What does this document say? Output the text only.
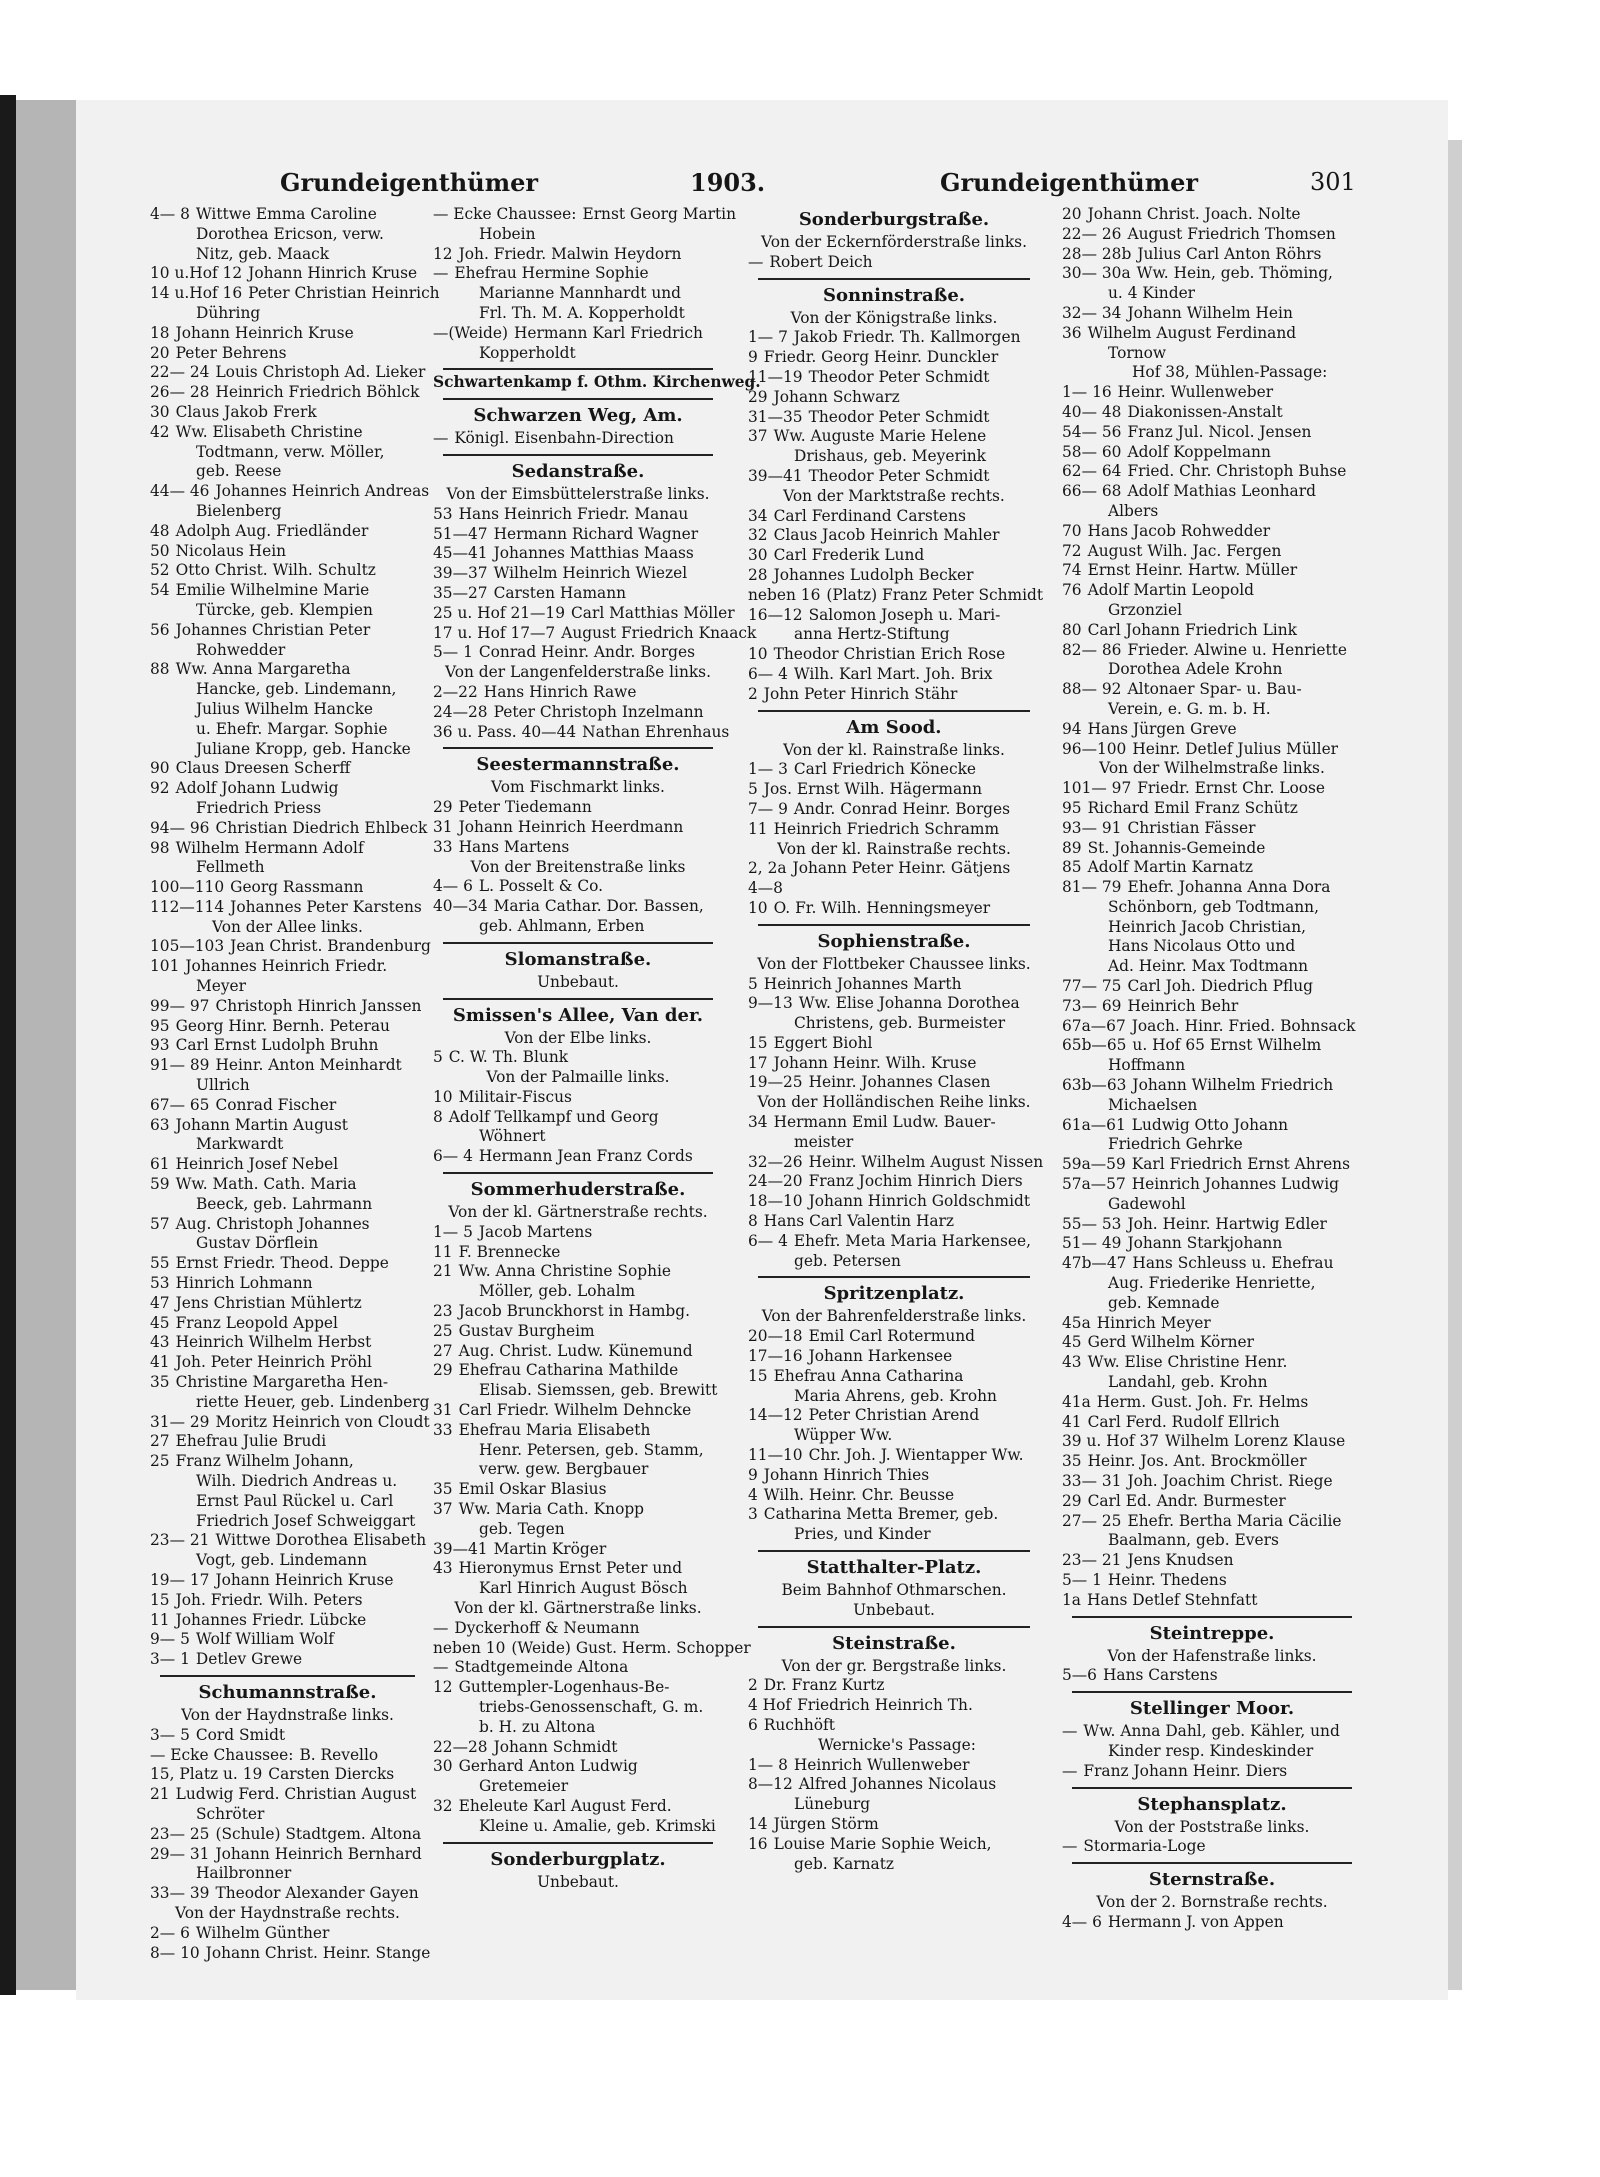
Grundeigenthümer	1903.	Grundeigenthümer	301
4— 8 Wittwe Emma Caroline
Dorothea Ericson, verw.
Nitz, geb. Maack
10 u.Hof 12 Johann Hinrich Kruse
14 u.Hof 16 Peter Christian Heinrich
Dühring
18 Johann Heinrich Kruse
20 Peter Behrens
22— 24 Louis Christoph Ad. Lieker
26— 28 Heinrich Friedrich Böhlck
30 Claus Jakob Frerk
42 Ww. Elisabeth Christine
Todtmann, verw. Möller,
geb. Reese
44— 46 Johannes Heinrich Andreas
Bielenberg
48 Adolph Aug. Friedländer
50 Nicolaus Hein
52 Otto Christ. Wilh. Schultz
54 Emilie Wilhelmine Marie
Türcke, geb. Klempien
56 Johannes Christian Peter
Rohwedder
88 Ww. Anna Margaretha
Hancke, geb. Lindemann,
Julius Wilhelm Hancke
u. Ehefr. Margar. Sophie
Juliane Kropp, geb. Hancke
90 Claus Dreesen Scherff
92 Adolf Johann Ludwig
Friedrich Priess
94— 96 Christian Diedrich Ehlbeck
98 Wilhelm Hermann Adolf
Fellmeth
100—110 Georg Rassmann
112—114 Johannes Peter Karstens
Von der Allee links.
105—103 Jean Christ. Brandenburg
101 Johannes Heinrich Friedr.
Meyer
99— 97 Christoph Hinrich Janssen
95 Georg Hinr. Bernh. Peterau
93 Carl Ernst Ludolph Bruhn
91— 89 Heinr. Anton Meinhardt
Ullrich
67— 65 Conrad Fischer
63 Johann Martin August
Markwardt
61 Heinrich Josef Nebel
59 Ww. Math. Cath. Maria
Beeck, geb. Lahrmann
57 Aug. Christoph Johannes
Gustav Dörflein
55 Ernst Friedr. Theod. Deppe
53 Hinrich Lohmann
47 Jens Christian Mühlertz
45 Franz Leopold Appel
43 Heinrich Wilhelm Herbst
41 Joh. Peter Heinrich Pröhl
35 Christine Margaretha Hen-
riette Heuer, geb. Lindenberg
31— 29 Moritz Heinrich von Cloudt
27 Ehefrau Julie Brudi
25 Franz Wilhelm Johann,
Wilh. Diedrich Andreas u.
Ernst Paul Rückel u. Carl
Friedrich Josef Schweiggart
23— 21 Wittwe Dorothea Elisabeth
Vogt, geb. Lindemann
19— 17 Johann Heinrich Kruse
15 Joh. Friedr. Wilh. Peters
11 Johannes Friedr. Lübcke
9— 5 Wolf William Wolf
3— 1 Detlev Grewe
Schumannstraße.
Von der Haydnstraße links.
3— 5 Cord Smidt
— Ecke Chaussee: B. Revello
15, Platz u. 19 Carsten Diercks
21 Ludwig Ferd. Christian August
Schröter
23— 25 (Schule) Stadtgem. Altona
29— 31 Johann Heinrich Bernhard
Hailbronner
33— 39 Theodor Alexander Gayen
Von der Haydnstraße rechts.
2— 6 Wilhelm Günther
8— 10 Johann Christ. Heinr. Stange
— Ecke Chaussee: Ernst Georg Martin
Hobein
12 Joh. Friedr. Malwin Heydorn
— Ehefrau Hermine Sophie
Marianne Mannhardt und
Frl. Th. M. A. Kopperholdt
—(Weide) Hermann Karl Friedrich
Kopperholdt
Schwartenkamp f. Othm. Kirchenweg.
Schwarzen Weg, Am.
— Königl. Eisenbahn-Direction
Sedanstraße.
Von der Eimsbüttelerstraße links.
53 Hans Heinrich Friedr. Manau
51—47 Hermann Richard Wagner
45—41 Johannes Matthias Maass
39—37 Wilhelm Heinrich Wiezel
35—27 Carsten Hamann
25 u. Hof 21—19 Carl Matthias Möller
17 u. Hof 17—7 August Friedrich Knaack
5— 1 Conrad Heinr. Andr. Borges
Von der Langenfelderstraße links.
2—22 Hans Hinrich Rawe
24—28 Peter Christoph Inzelmann
36 u. Pass. 40—44 Nathan Ehrenhaus
Seestermannstraße.
Vom Fischmarkt links.
29 Peter Tiedemann
31 Johann Heinrich Heerdmann
33 Hans Martens
Von der Breitenstraße links
4— 6 L. Posselt & Co.
40—34 Maria Cathar. Dor. Bassen,
geb. Ahlmann, Erben
Slomanstraße.
Unbebaut.
Smissen's Allee, Van der.
Von der Elbe links.
5 C. W. Th. Blunk
Von der Palmaille links.
10 Militair-Fiscus
8 Adolf Tellkampf und Georg
Wöhnert
6— 4 Hermann Jean Franz Cords
Sommerhuderstraße.
Von der kl. Gärtnerstraße rechts.
1— 5 Jacob Martens
11 F. Brennecke
21 Ww. Anna Christine Sophie
Möller, geb. Lohalm
23 Jacob Brunckhorst in Hambg.
25 Gustav Burgheim
27 Aug. Christ. Ludw. Künemund
29 Ehefrau Catharina Mathilde
Elisab. Siemssen, geb. Brewitt
31 Carl Friedr. Wilhelm Dehncke
33 Ehefrau Maria Elisabeth
Henr. Petersen, geb. Stamm,
verw. gew. Bergbauer
35 Emil Oskar Blasius
37 Ww. Maria Cath. Knopp
geb. Tegen
39—41 Martin Kröger
43 Hieronymus Ernst Peter und
Karl Hinrich August Bösch
Von der kl. Gärtnerstraße links.
— Dyckerhoff & Neumann
neben 10 (Weide) Gust. Herm. Schopper
— Stadtgemeinde Altona
12 Guttempler-Logenhaus-Be-
triebs-Genossenschaft, G. m.
b. H. zu Altona
22—28 Johann Schmidt
30 Gerhard Anton Ludwig
Gretemeier
32 Eheleute Karl August Ferd.
Kleine u. Amalie, geb. Krimski
Sonderburgplatz.
Unbebaut.
Sonderburgstraße.
Von der Eckernförderstraße links.
— Robert Deich
Sonninstraße.
Von der Königstraße links.
1— 7 Jakob Friedr. Th. Kallmorgen
9 Friedr. Georg Heinr. Dunckler
11—19 Theodor Peter Schmidt
29 Johann Schwarz
31—35 Theodor Peter Schmidt
37 Ww. Auguste Marie Helene
Drishaus, geb. Meyerink
39—41 Theodor Peter Schmidt
Von der Marktstraße rechts.
34 Carl Ferdinand Carstens
32 Claus Jacob Heinrich Mahler
30 Carl Frederik Lund
28 Johannes Ludolph Becker
neben 16 (Platz) Franz Peter Schmidt
16—12 Salomon Joseph u. Mari-
anna Hertz-Stiftung
10 Theodor Christian Erich Rose
6— 4 Wilh. Karl Mart. Joh. Brix
2 John Peter Hinrich Stähr
Am Sood.
Von der kl. Rainstraße links.
1— 3 Carl Friedrich Könecke
5 Jos. Ernst Wilh. Hägermann
7— 9 Andr. Conrad Heinr. Borges
11 Heinrich Friedrich Schramm
Von der kl. Rainstraße rechts.
2, 2a Johann Peter Heinr. Gätjens
4—8
10 O. Fr. Wilh. Henningsmeyer
Sophienstraße.
Von der Flottbeker Chaussee links.
5 Heinrich Johannes Marth
9—13 Ww. Elise Johanna Dorothea
Christens, geb. Burmeister
15 Eggert Biohl
17 Johann Heinr. Wilh. Kruse
19—25 Heinr. Johannes Clasen
Von der Holländischen Reihe links.
34 Hermann Emil Ludw. Bauer-
meister
32—26 Heinr. Wilhelm August Nissen
24—20 Franz Jochim Hinrich Diers
18—10 Johann Hinrich Goldschmidt
8 Hans Carl Valentin Harz
6— 4 Ehefr. Meta Maria Harkensee,
geb. Petersen
Spritzenplatz.
Von der Bahrenfelderstraße links.
20—18 Emil Carl Rotermund
17—16 Johann Harkensee
15 Ehefrau Anna Catharina
Maria Ahrens, geb. Krohn
14—12 Peter Christian Arend
Wüpper Ww.
11—10 Chr. Joh. J. Wientapper Ww.
9 Johann Hinrich Thies
4 Wilh. Heinr. Chr. Beusse
3 Catharina Metta Bremer, geb.
Pries, und Kinder
Statthalter-Platz.
Beim Bahnhof Othmarschen.
Unbebaut.
Steinstraße.
Von der gr. Bergstraße links.
2 Dr. Franz Kurtz
4 Hof Friedrich Heinrich Th.
6 Ruchhöft
Wernicke's Passage:
1— 8 Heinrich Wullenweber
8—12 Alfred Johannes Nicolaus
Lüneburg
14 Jürgen Störm
16 Louise Marie Sophie Weich,
geb. Karnatz
20 Johann Christ. Joach. Nolte
22— 26 August Friedrich Thomsen
28— 28b Julius Carl Anton Röhrs
30— 30a Ww. Hein, geb. Thöming,
u. 4 Kinder
32— 34 Johann Wilhelm Hein
36 Wilhelm August Ferdinand
Tornow
Hof 38, Mühlen-Passage:
1— 16 Heinr. Wullenweber
40— 48 Diakonissen-Anstalt
54— 56 Franz Jul. Nicol. Jensen
58— 60 Adolf Koppelmann
62— 64 Fried. Chr. Christoph Buhse
66— 68 Adolf Mathias Leonhard
Albers
70 Hans Jacob Rohwedder
72 August Wilh. Jac. Fergen
74 Ernst Heinr. Hartw. Müller
76 Adolf Martin Leopold
Grzonziel
80 Carl Johann Friedrich Link
82— 86 Frieder. Alwine u. Henriette
Dorothea Adele Krohn
88— 92 Altonaer Spar- u. Bau-
Verein, e. G. m. b. H.
94 Hans Jürgen Greve
96—100 Heinr. Detlef Julius Müller
Von der Wilhelmstraße links.
101— 97 Friedr. Ernst Chr. Loose
95 Richard Emil Franz Schütz
93— 91 Christian Fässer
89 St. Johannis-Gemeinde
85 Adolf Martin Karnatz
81— 79 Ehefr. Johanna Anna Dora
Schönborn, geb Todtmann,
Heinrich Jacob Christian,
Hans Nicolaus Otto und
Ad. Heinr. Max Todtmann
77— 75 Carl Joh. Diedrich Pflug
73— 69 Heinrich Behr
67a—67 Joach. Hinr. Fried. Bohnsack
65b—65 u. Hof 65 Ernst Wilhelm
Hoffmann
63b—63 Johann Wilhelm Friedrich
Michaelsen
61a—61 Ludwig Otto Johann
Friedrich Gehrke
59a—59 Karl Friedrich Ernst Ahrens
57a—57 Heinrich Johannes Ludwig
Gadewohl
55— 53 Joh. Heinr. Hartwig Edler
51— 49 Johann Starkjohann
47b—47 Hans Schleuss u. Ehefrau
Aug. Friederike Henriette,
geb. Kemnade
45a Hinrich Meyer
45 Gerd Wilhelm Körner
43 Ww. Elise Christine Henr.
Landahl, geb. Krohn
41a Herm. Gust. Joh. Fr. Helms
41 Carl Ferd. Rudolf Ellrich
39 u. Hof 37 Wilhelm Lorenz Klause
35 Heinr. Jos. Ant. Brockmöller
33— 31 Joh. Joachim Christ. Riege
29 Carl Ed. Andr. Burmester
27— 25 Ehefr. Bertha Maria Cäcilie
Baalmann, geb. Evers
23— 21 Jens Knudsen
5— 1 Heinr. Thedens
1a Hans Detlef Stehnfatt
Steintreppe.
Von der Hafenstraße links.
5—6 Hans Carstens
Stellinger Moor.
— Ww. Anna Dahl, geb. Kähler, und
Kinder resp. Kindeskinder
— Franz Johann Heinr. Diers
Stephansplatz.
Von der Poststraße links.
— Stormaria-Loge
Sternstraße.
Von der 2. Bornstraße rechts.
4— 6 Hermann J. von Appen
